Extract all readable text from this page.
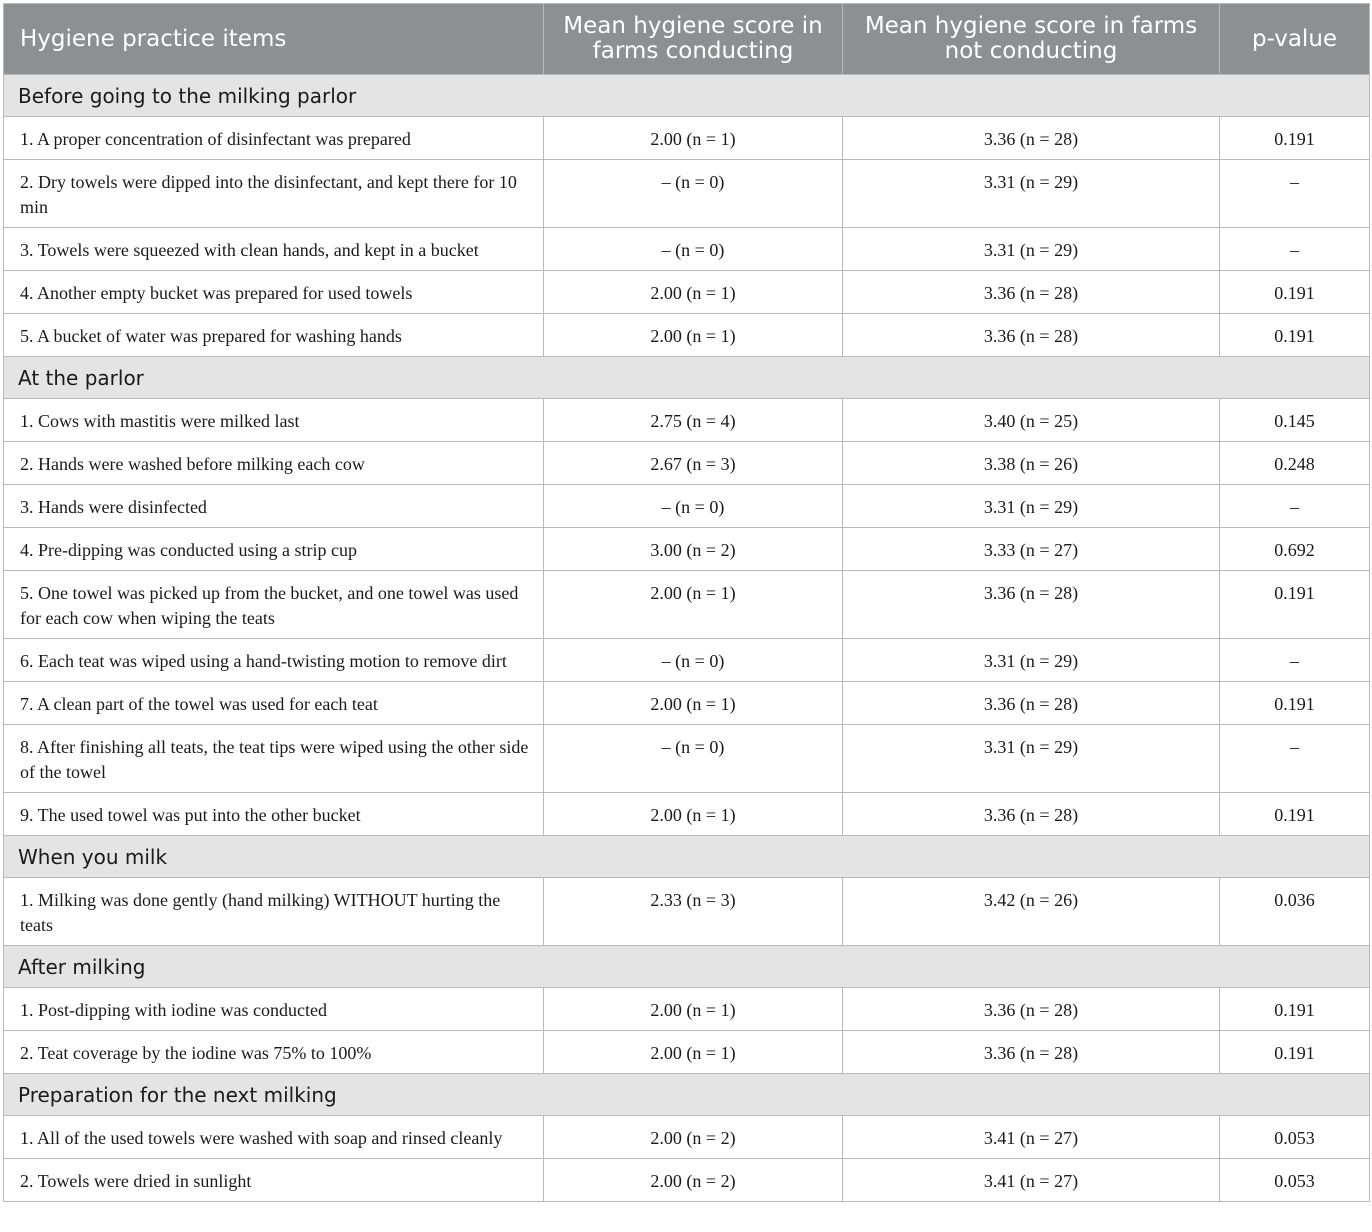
Hygiene practice items	Mean hygiene score in farms conducting	Mean hygiene score in farms not conducting	p-value
Before going to the milking parlor			
1. A proper concentration of disinfectant was prepared	2.00 (n = 1)	3.36 (n = 28)	0.191
2. Dry towels were dipped into the disinfectant, and kept there for 10 min	– (n = 0)	3.31 (n = 29)	–
3. Towels were squeezed with clean hands, and kept in a bucket	– (n = 0)	3.31 (n = 29)	–
4. Another empty bucket was prepared for used towels	2.00 (n = 1)	3.36 (n = 28)	0.191
5. A bucket of water was prepared for washing hands	2.00 (n = 1)	3.36 (n = 28)	0.191
At the parlor			
1. Cows with mastitis were milked last	2.75 (n = 4)	3.40 (n = 25)	0.145
2. Hands were washed before milking each cow	2.67 (n = 3)	3.38 (n = 26)	0.248
3. Hands were disinfected	– (n = 0)	3.31 (n = 29)	–
4. Pre-dipping was conducted using a strip cup	3.00 (n = 2)	3.33 (n = 27)	0.692
5. One towel was picked up from the bucket, and one towel was used for each cow when wiping the teats	2.00 (n = 1)	3.36 (n = 28)	0.191
6. Each teat was wiped using a hand-twisting motion to remove dirt	– (n = 0)	3.31 (n = 29)	–
7. A clean part of the towel was used for each teat	2.00 (n = 1)	3.36 (n = 28)	0.191
8. After finishing all teats, the teat tips were wiped using the other side of the towel	– (n = 0)	3.31 (n = 29)	–
9. The used towel was put into the other bucket	2.00 (n = 1)	3.36 (n = 28)	0.191
When you milk			
1. Milking was done gently (hand milking) WITHOUT hurting the teats	2.33 (n = 3)	3.42 (n = 26)	0.036
After milking			
1. Post-dipping with iodine was conducted	2.00 (n = 1)	3.36 (n = 28)	0.191
2. Teat coverage by the iodine was 75% to 100%	2.00 (n = 1)	3.36 (n = 28)	0.191
Preparation for the next milking			
1. All of the used towels were washed with soap and rinsed cleanly	2.00 (n = 2)	3.41 (n = 27)	0.053
2. Towels were dried in sunlight	2.00 (n = 2)	3.41 (n = 27)	0.053
